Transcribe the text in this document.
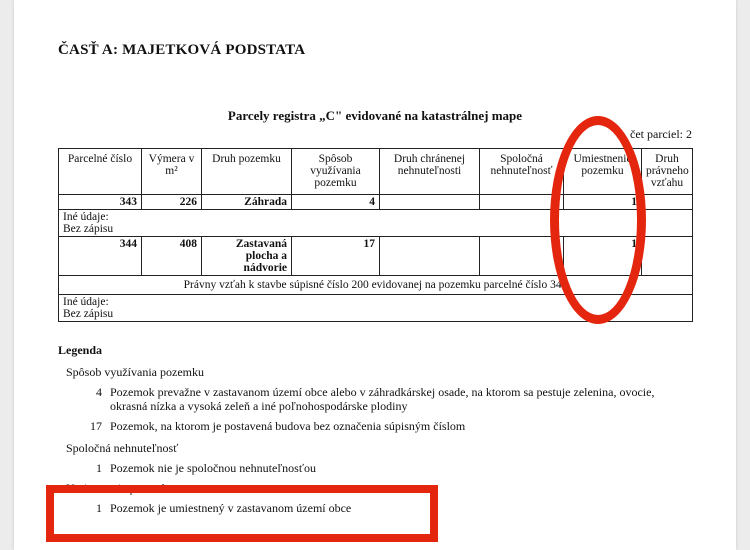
ČASŤ A: MAJETKOVÁ PODSTATA
Parcely registra „C" evidované na katastrálnej mape
čet parciel: 2
Parcelné číslo	Výmera v m²	Druh pozemku	Spôsob využívania pozemku	Druh chránenej nehnuteľnosti	Spoločná nehnuteľnosť	Umiestnenie pozemku	Druh právneho vzťahu
343	226	Záhrada	4			1	

Iné údaje:
Bez zápisu							

344	408	Zastavaná plocha a nádvorie	17			1	
Právny vzťah k stavbe súpisné číslo 200 evidovanej na pozemku parcelné číslo 344							

Iné údaje:
Bez zápisu							
Legenda
Spôsob využívania pozemku
4 Pozemok prevažne v zastavanom území obce alebo v záhradkárskej osade, na ktorom sa pestuje zelenina, ovocie, okrasná nízka a vysoká zeleň a iné poľnohospodárske plodiny
17 Pozemok, na ktorom je postavená budova bez označenia súpisným číslom
Spoločná nehnuteľnosť
1 Pozemok nie je spoločnou nehnuteľnosťou
Umiestnenie pozemku
1 Pozemok je umiestnený v zastavanom území obce
